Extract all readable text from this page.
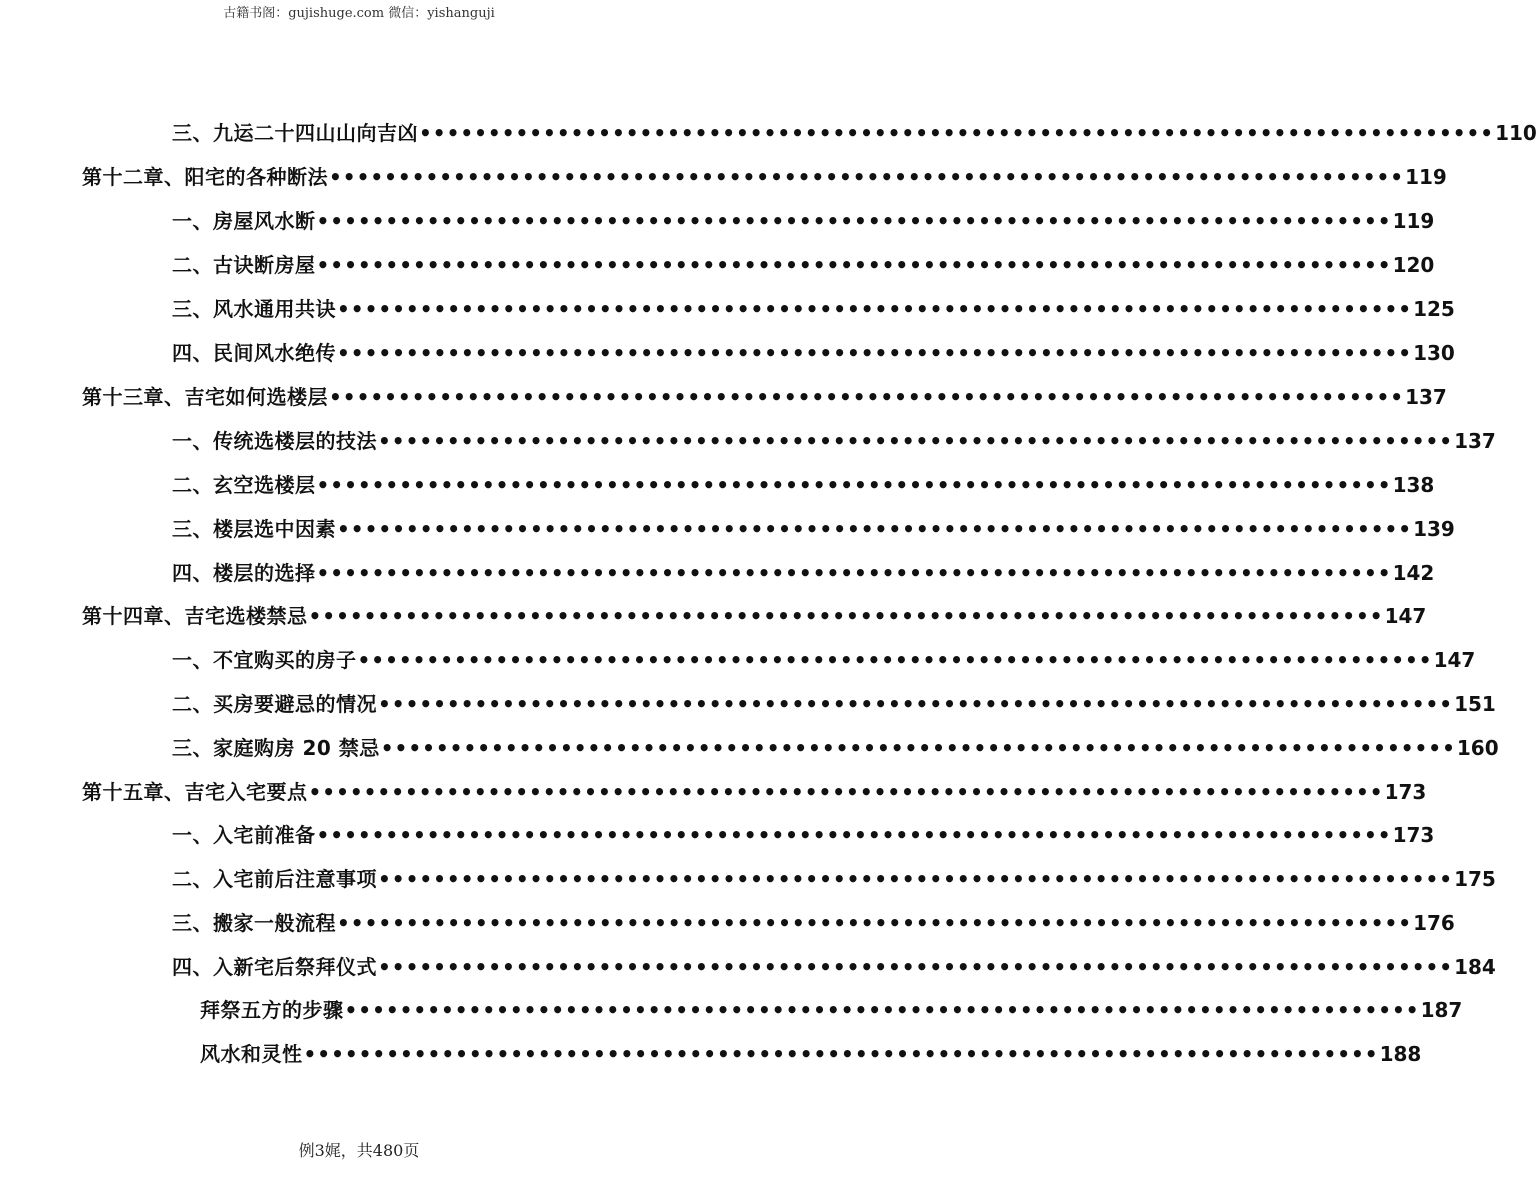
古籍书阁：gujishuge.com 微信：yishanguji
三、九运二十四山山向吉凶 •••••••••••••••••••••••••••••••••••••••••••••••••••••••••••••••••••••••••••••• 110
第十二章、阳宅的各种断法 •••••••••••••••••••••••••••••••••••••••••••••••••••••••••••••••••••••••••••••• 119
一、房屋风水断 •••••••••••••••••••••••••••••••••••••••••••••••••••••••••••••••••••••••••••••• 119
二、古诀断房屋 •••••••••••••••••••••••••••••••••••••••••••••••••••••••••••••••••••••••••••••• 120
三、风水通用共诀 •••••••••••••••••••••••••••••••••••••••••••••••••••••••••••••••••••••••••••••• 125
四、民间风水绝传 •••••••••••••••••••••••••••••••••••••••••••••••••••••••••••••••••••••••••••••• 130
第十三章、吉宅如何选楼层 •••••••••••••••••••••••••••••••••••••••••••••••••••••••••••••••••••••••••••••• 137
一、传统选楼层的技法 •••••••••••••••••••••••••••••••••••••••••••••••••••••••••••••••••••••••••••••• 137
二、玄空选楼层 •••••••••••••••••••••••••••••••••••••••••••••••••••••••••••••••••••••••••••••• 138
三、楼层选中因素 •••••••••••••••••••••••••••••••••••••••••••••••••••••••••••••••••••••••••••••• 139
四、楼层的选择 •••••••••••••••••••••••••••••••••••••••••••••••••••••••••••••••••••••••••••••• 142
第十四章、吉宅选楼禁忌 •••••••••••••••••••••••••••••••••••••••••••••••••••••••••••••••••••••••••••••• 147
一、不宜购买的房子 •••••••••••••••••••••••••••••••••••••••••••••••••••••••••••••••••••••••••••••• 147
二、买房要避忌的情况 •••••••••••••••••••••••••••••••••••••••••••••••••••••••••••••••••••••••••••••• 151
三、家庭购房 20 禁忌 •••••••••••••••••••••••••••••••••••••••••••••••••••••••••••••••••••••••••••••• 160
第十五章、吉宅入宅要点 •••••••••••••••••••••••••••••••••••••••••••••••••••••••••••••••••••••••••••••• 173
一、入宅前准备 •••••••••••••••••••••••••••••••••••••••••••••••••••••••••••••••••••••••••••••• 173
二、入宅前后注意事项 •••••••••••••••••••••••••••••••••••••••••••••••••••••••••••••••••••••••••••••• 175
三、搬家一般流程 •••••••••••••••••••••••••••••••••••••••••••••••••••••••••••••••••••••••••••••• 176
四、入新宅后祭拜仪式 •••••••••••••••••••••••••••••••••••••••••••••••••••••••••••••••••••••••••••••• 184
拜祭五方的步骤 •••••••••••••••••••••••••••••••••••••••••••••••••••••••••••••••••••••••••••••• 187
风水和灵性 •••••••••••••••••••••••••••••••••••••••••••••••••••••••••••••••••••••••••••••• 188
例3娓，共480页
